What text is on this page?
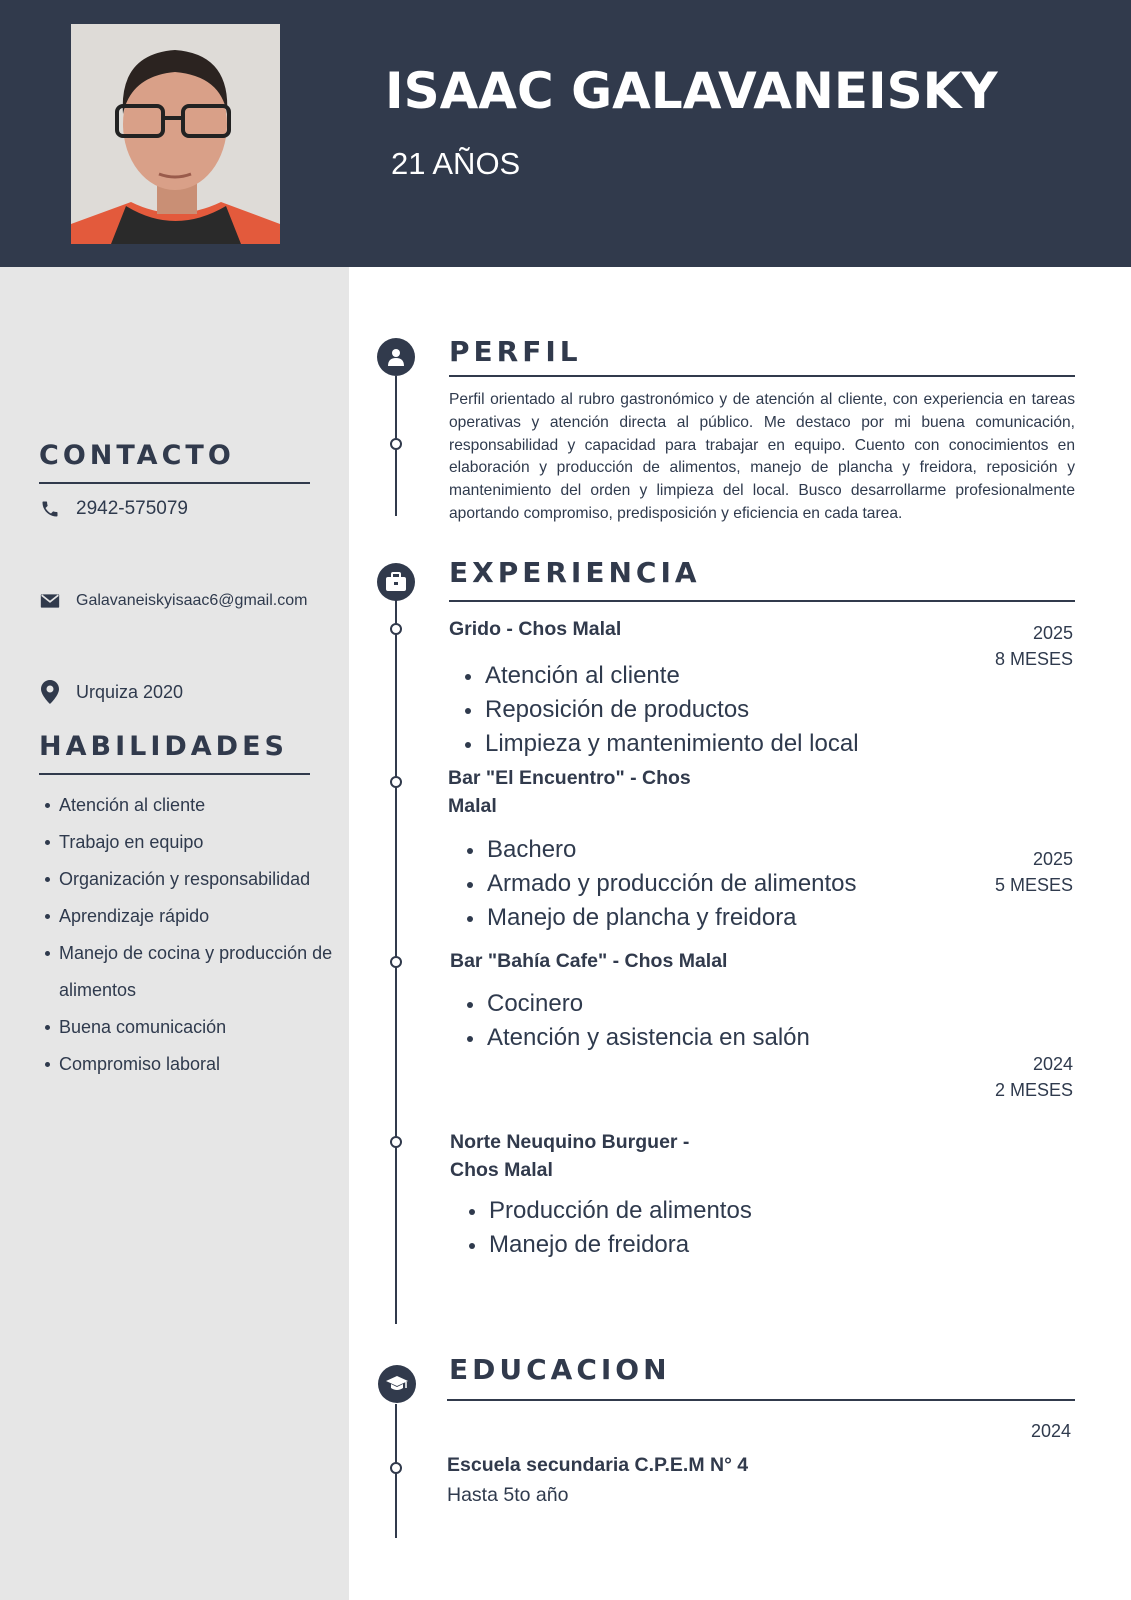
ISAAC GALAVANEISKY
21 AÑOS
CONTACTO
2942-575079
Galavaneiskyisaac6@gmail.com
Urquiza 2020
HABILIDADES
Atención al cliente
Trabajo en equipo
Organización y responsabilidad
Aprendizaje rápido
Manejo de cocina y producción de alimentos
Buena comunicación
Compromiso laboral
PERFIL

Perfil orientado al rubro gastronómico y de atención al cliente, con experiencia en tareas operativas y atención directa al público. Me destaco por mi buena comunicación, responsabilidad y capacidad para trabajar en equipo. Cuento con conocimientos en elaboración y producción de alimentos, manejo de plancha y freidora, reposición y mantenimiento del orden y limpieza del local. Busco desarrollarme profesionalmente aportando compromiso, predisposición y eficiencia en cada tarea.

EXPERIENCIA
Grido - Chos Malal	2025
8 MESES
Atención al cliente
Reposición de productos
Limpieza y mantenimiento del local
Bar "El Encuentro" - Chos Malal
2025
5 MESES
Bachero
Armado y producción de alimentos
Manejo de plancha y freidora
Bar "Bahía Cafe" - Chos Malal
Cocinero
Atención y asistencia en salón
2024
2 MESES
Norte Neuquino Burguer - Chos Malal
Producción de alimentos
Manejo de freidora
EDUCACION
2024
Escuela secundaria C.P.E.M N° 4
Hasta 5to año
